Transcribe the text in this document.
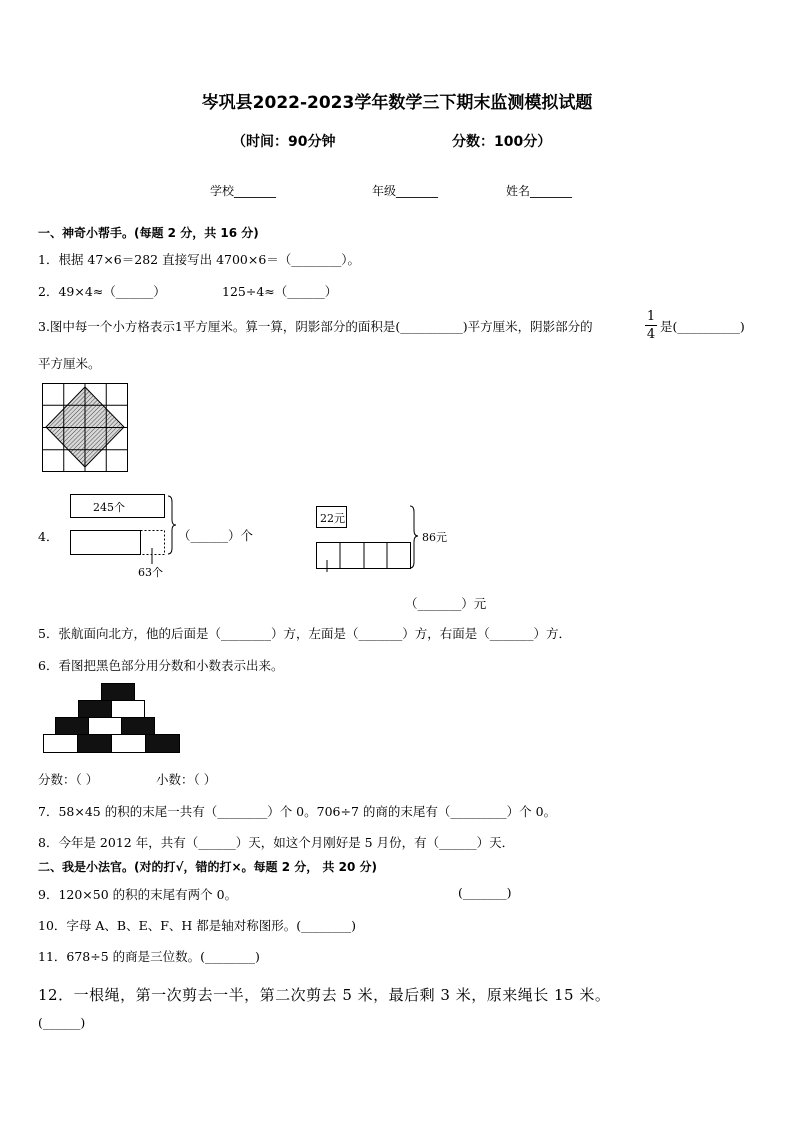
岑巩县2022-2023学年数学三下期末监测模拟试题
（时间：90分钟	分数：100分）
学校_______	年级_______	姓名_______
一、神奇小帮手。(每题 2 分，共 16 分)
1．根据 47×6＝282 直接写出 4700×6＝（________）。
2．49×4≈（______）	125÷4≈（______）
3.图中每一个小方格表示1平方厘米。算一算，阴影部分的面积是(__________)平方厘米，阴影部分的
1
4
是(__________)
平方厘米。
4．
245个
63个
（______）个
22元
86元
（_______）元
5．张航面向北方，他的后面是（________）方，左面是（_______）方，右面是（_______）方．
6．看图把黑色部分用分数和小数表示出来。
分数：（ ）	小数：（ ）
7．58×45 的积的末尾一共有（________）个 0。706÷7 的商的末尾有（_________）个 0。
8．今年是 2012 年，共有（______）天，如这个月刚好是 5 月份，有（______）天．
二、我是小法官。(对的打√，错的打×。每题 2 分， 共 20 分)
9．120×50 的积的末尾有两个 0。	(_______)
10．字母 A、B、E、F、H 都是轴对称图形。(________)
11．678÷5 的商是三位数。(________)
12．一根绳，第一次剪去一半，第二次剪去 5 米，最后剩 3 米，原来绳长 15 米。
(______)
